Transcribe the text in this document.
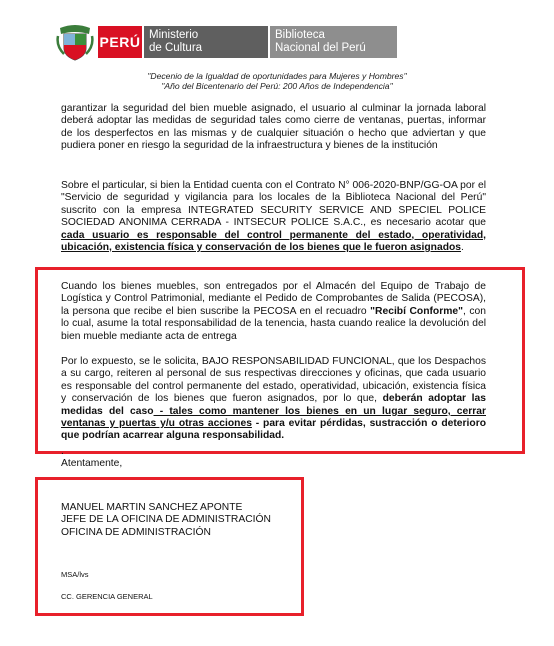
PERÚ Ministerio
de Cultura
Biblioteca
Nacional del Perú
"Decenio de la Igualdad de oportunidades para Mujeres y Hombres"
"Año del Bicentenario del Perú: 200 Años de Independencia"
garantizar la seguridad del bien mueble asignado, el usuario al culminar la jornada laboral deberá adoptar las medidas de seguridad tales como cierre de ventanas, puertas, informar de los desperfectos en las mismas y de cualquier situación o hecho que adviertan y que pudiera poner en riesgo la seguridad de la infraestructura y bienes de la institución
Sobre el particular, si bien la Entidad cuenta con el Contrato N° 006-2020-BNP/GG-OA por el "Servicio de seguridad y vigilancia para los locales de la Biblioteca Nacional del Perú" suscrito con la empresa INTEGRATED SECURITY SERVICE AND SPECIEL POLICE SOCIEDAD ANONIMA CERRADA - INTSECUR POLICE S.A.C., es necesario acotar que cada usuario es responsable del control permanente del estado, operatividad, ubicación, existencia física y conservación de los bienes que le fueron asignados.
Cuando los bienes muebles, son entregados por el Almacén del Equipo de Trabajo de Logística y Control Patrimonial, mediante el Pedido de Comprobantes de Salida (PECOSA), la persona que recibe el bien suscribe la PECOSA en el recuadro "Recibí Conforme", con lo cual, asume la total responsabilidad de la tenencia, hasta cuando realice la devolución del bien mueble mediante acta de entrega
Por lo expuesto, se le solicita, BAJO RESPONSABILIDAD FUNCIONAL, que los Despachos a su cargo, reiteren al personal de sus respectivas direcciones y oficinas, que cada usuario es responsable del control permanente del estado, operatividad, ubicación, existencia física y conservación de los bienes que fueron asignados, por lo que, deberán adoptar las medidas del caso - tales como mantener los bienes en un lugar seguro, cerrar ventanas y puertas y/u otras acciones - para evitar pérdidas, sustracción o deterioro que podrían acarrear alguna responsabilidad.
.
Atentamente,
MANUEL MARTIN SANCHEZ APONTE
JEFE DE LA OFICINA DE ADMINISTRACIÓN
OFICINA DE ADMINISTRACIÓN
MSA/lvs
CC. GERENCIA GENERAL
